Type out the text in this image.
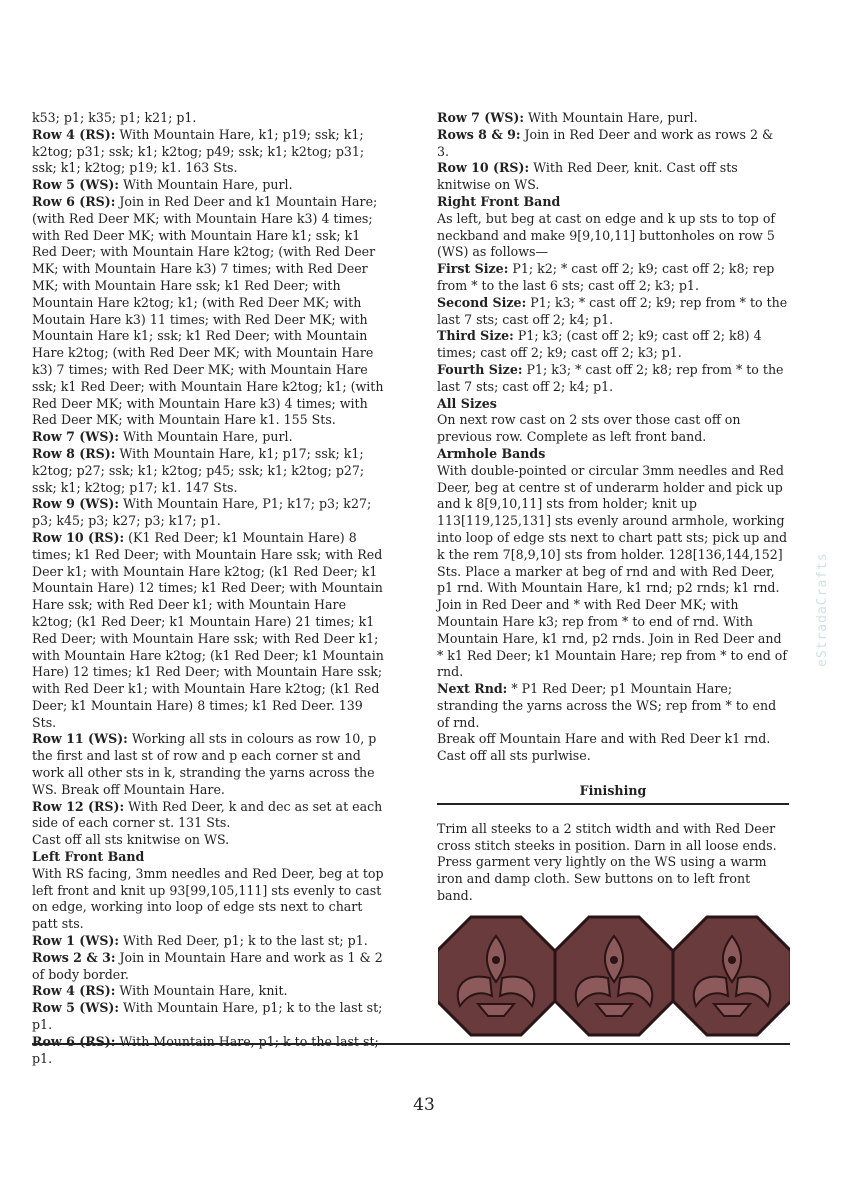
k53; p1; k35; p1; k21; p1.

Row 4 (RS): With Mountain Hare, k1; p19; ssk; k1; k2tog; p31; ssk; k1; k2tog; p49; ssk; k1; k2tog; p31; ssk; k1; k2tog; p19; k1. 163 Sts.

Row 5 (WS): With Mountain Hare, purl.

Row 6 (RS): Join in Red Deer and k1 Mountain Hare; (with Red Deer MK; with Mountain Hare k3) 4 times; with Red Deer MK; with Mountain Hare k1; ssk; k1 Red Deer; with Mountain Hare k2tog; (with Red Deer MK; with Mountain Hare k3) 7 times; with Red Deer MK; with Mountain Hare ssk; k1 Red Deer; with Mountain Hare k2tog; k1; (with Red Deer MK; with Moutain Hare k3) 11 times; with Red Deer MK; with Mountain Hare k1; ssk; k1 Red Deer; with Mountain Hare k2tog; (with Red Deer MK; with Mountain Hare k3) 7 times; with Red Deer MK; with Mountain Hare ssk; k1 Red Deer; with Mountain Hare k2tog; k1; (with Red Deer MK; with Mountain Hare k3) 4 times; with Red Deer MK; with Mountain Hare k1. 155 Sts.

Row 7 (WS): With Mountain Hare, purl.

Row 8 (RS): With Mountain Hare, k1; p17; ssk; k1; k2tog; p27; ssk; k1; k2tog; p45; ssk; k1; k2tog; p27; ssk; k1; k2tog; p17; k1. 147 Sts.

Row 9 (WS): With Mountain Hare, P1; k17; p3; k27; p3; k45; p3; k27; p3; k17; p1.

Row 10 (RS): (K1 Red Deer; k1 Mountain Hare) 8 times; k1 Red Deer; with Mountain Hare ssk; with Red Deer k1; with Mountain Hare k2tog; (k1 Red Deer; k1 Mountain Hare) 12 times; k1 Red Deer; with Mountain Hare ssk; with Red Deer k1; with Mountain Hare k2tog; (k1 Red Deer; k1 Mountain Hare) 21 times; k1 Red Deer; with Mountain Hare ssk; with Red Deer k1; with Mountain Hare k2tog; (k1 Red Deer; k1 Mountain Hare) 12 times; k1 Red Deer; with Mountain Hare ssk; with Red Deer k1; with Mountain Hare k2tog; (k1 Red Deer; k1 Mountain Hare) 8 times; k1 Red Deer. 139 Sts.

Row 11 (WS): Working all sts in colours as row 10, p the first and last st of row and p each corner st and work all other sts in k, stranding the yarns across the WS. Break off Mountain Hare.

Row 12 (RS): With Red Deer, k and dec as set at each side of each corner st. 131 Sts.

Cast off all sts knitwise on WS.

Left Front Band

With RS facing, 3mm needles and Red Deer, beg at top left front and knit up 93[99,105,111] sts evenly to cast on edge, working into loop of edge sts next to chart patt sts.

Row 1 (WS): With Red Deer, p1; k to the last st; p1.

Rows 2 & 3: Join in Mountain Hare and work as 1 & 2 of body border.

Row 4 (RS): With Mountain Hare, knit.

Row 5 (WS): With Mountain Hare, p1; k to the last st; p1.

Row 6 (RS): With Mountain Hare, p1; k to the last st; p1.

Row 7 (WS): With Mountain Hare, purl.

Rows 8 & 9: Join in Red Deer and work as rows 2 & 3.

Row 10 (RS): With Red Deer, knit. Cast off sts knitwise on WS.

Right Front Band

As left, but beg at cast on edge and k up sts to top of neckband and make 9[9,10,11] buttonholes on row 5 (WS) as follows—

First Size: P1; k2; * cast off 2; k9; cast off 2; k8; rep from * to the last 6 sts; cast off 2; k3; p1.

Second Size: P1; k3; * cast off 2; k9; rep from * to the last 7 sts; cast off 2; k4; p1.

Third Size: P1; k3; (cast off 2; k9; cast off 2; k8) 4 times; cast off 2; k9; cast off 2; k3; p1.

Fourth Size: P1; k3; * cast off 2; k8; rep from * to the last 7 sts; cast off 2; k4; p1.

All Sizes

On next row cast on 2 sts over those cast off on previous row. Complete as left front band.

Armhole Bands

With double-pointed or circular 3mm needles and Red Deer, beg at centre st of underarm holder and pick up and k 8[9,10,11] sts from holder; knit up 113[119,125,131] sts evenly around armhole, working into loop of edge sts next to chart patt sts; pick up and k the rem 7[8,9,10] sts from holder. 128[136,144,152] Sts. Place a marker at beg of rnd and with Red Deer, p1 rnd. With Mountain Hare, k1 rnd; p2 rnds; k1 rnd. Join in Red Deer and * with Red Deer MK; with Mountain Hare k3; rep from * to end of rnd. With Mountain Hare, k1 rnd, p2 rnds. Join in Red Deer and * k1 Red Deer; k1 Mountain Hare; rep from * to end of rnd.

Next Rnd: * P1 Red Deer; p1 Mountain Hare; stranding the yarns across the WS; rep from * to end of rnd.

Break off Mountain Hare and with Red Deer k1 rnd. Cast off all sts purlwise.

Finishing

Trim all steeks to a 2 stitch width and with Red Deer cross stitch steeks in position. Darn in all loose ends. Press garment very lightly on the WS using a warm iron and damp cloth. Sew buttons on to left front band.

43
eStradaCrafts
